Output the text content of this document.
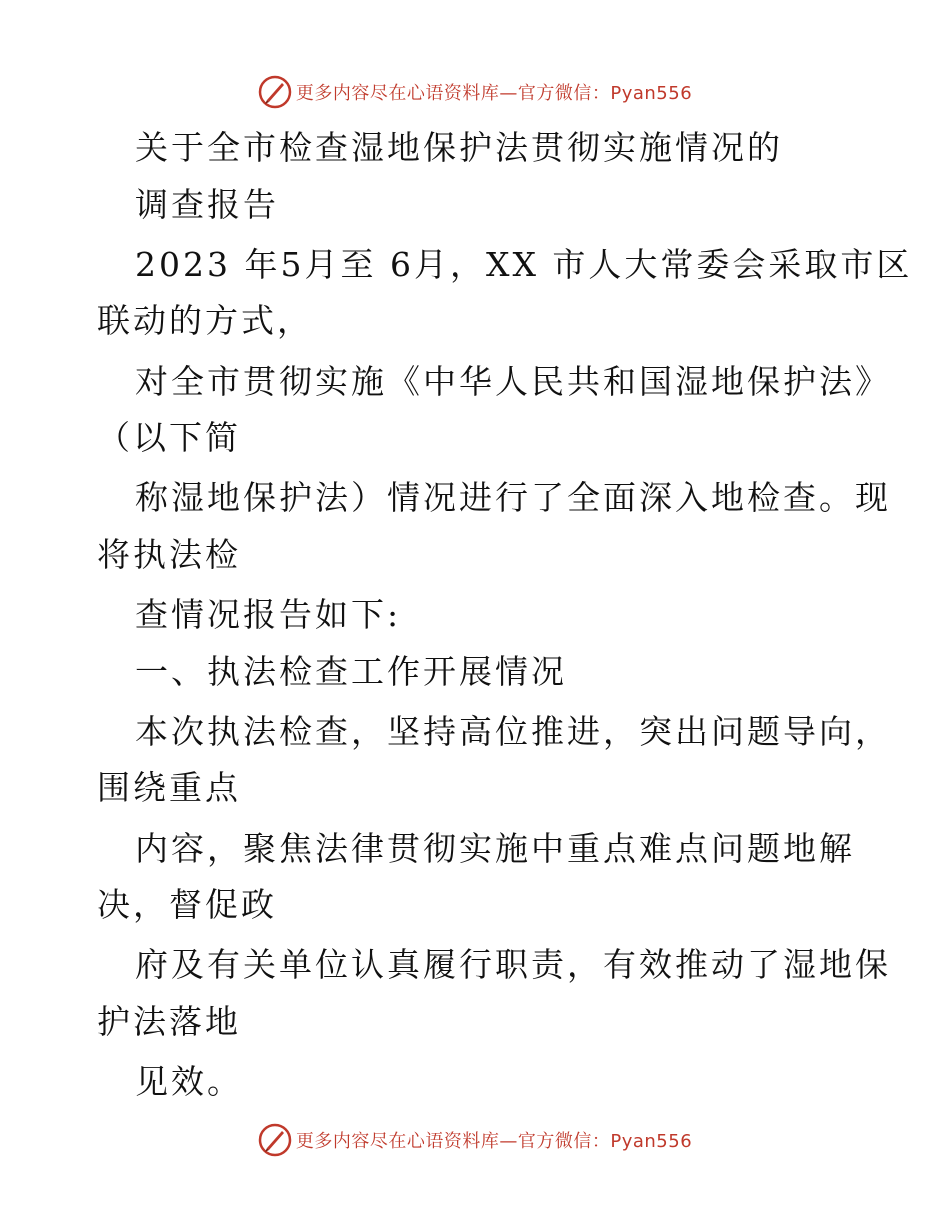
更多内容尽在心语资料库—官方微信：Pyan556
关于全市检查湿地保护法贯彻实施情况的
调查报告
2023 年5月至 6月，XX 市人大常委会采取市区
联动的方式，
对全市贯彻实施《中华人民共和国湿地保护法》
（以下简
称湿地保护法）情况进行了全面深入地检查。现
将执法检
查情况报告如下:
一、执法检查工作开展情况
本次执法检查，坚持高位推进，突出问题导向，
围绕重点
内容，聚焦法律贯彻实施中重点难点问题地解
决，督促政
府及有关单位认真履行职责，有效推动了湿地保
护法落地
见效。
更多内容尽在心语资料库—官方微信：Pyan556
